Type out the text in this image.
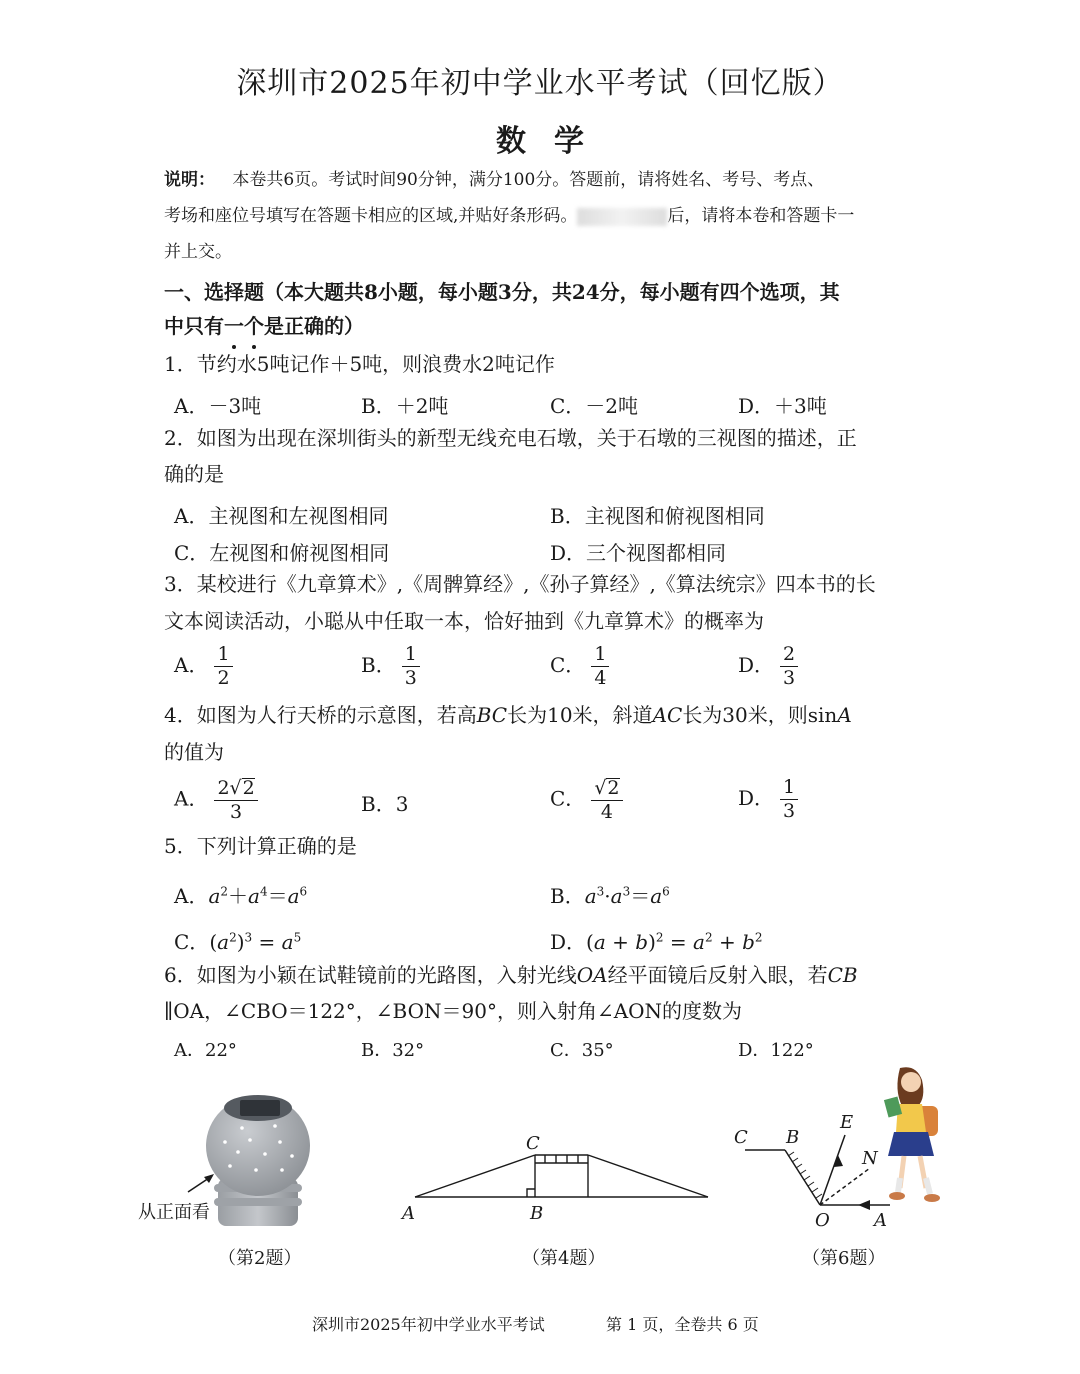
深圳市2025年初中学业水平考试（回忆版）
数学
说明： 本卷共6页。考试时间90分钟，满分100分。答题前，请将姓名、考号、考点、
考场和座位号填写在答题卡相应的区域,并贴好条形码。	后，请将本卷和答题卡一
并上交。
一、选择题（本大题共8小题，每小题3分，共24分，每小题有四个选项，其
中只有一个是正确的）
1．节约水5吨记作＋5吨，则浪费水2吨记作
A．－3吨	B．＋2吨	C．－2吨	D．＋3吨
2．如图为出现在深圳街头的新型无线充电石墩，关于石墩的三视图的描述，正
确的是
A．主视图和左视图相同	B．主视图和俯视图相同
C．左视图和俯视图相同	D．三个视图都相同
3．某校进行《九章算术》,《周髀算经》,《孙子算经》,《算法统宗》四本书的长
文本阅读活动，小聪从中任取一本，恰好抽到《九章算术》的概率为
A． $\frac{1}{2}$	B． $\frac{1}{3}$	C． $\frac{1}{4}$	D． $\frac{2}{3}$
4．如图为人行天桥的示意图，若高BC长为10米，斜道AC长为30米，则sinA
的值为
A． $\frac{2√2}{3}$	B．3	C． $\frac{√2}{4}$	D． $\frac{1}{3}$
5．下列计算正确的是
A．$a^2+a^4=a^6$	B．$a^3\cdot a^3=a^6$
C．$(a^2)^3 = a^5$	D．$(a + b)^2 = a^2 + b^2$
6．如图为小颖在试鞋镜前的光路图，入射光线OA经平面镜后反射入眼，若CB
∥OA，∠CBO＝122°，∠BON＝90°，则入射角∠AON的度数为
A．22°	B．32°	C．35°	D．122°
从正面看
（第2题）
A	B
C
（第4题）
C B
E
N
O A
（第6题）
深圳市2025年初中学业水平考试	第 1 页，全卷共 6 页
